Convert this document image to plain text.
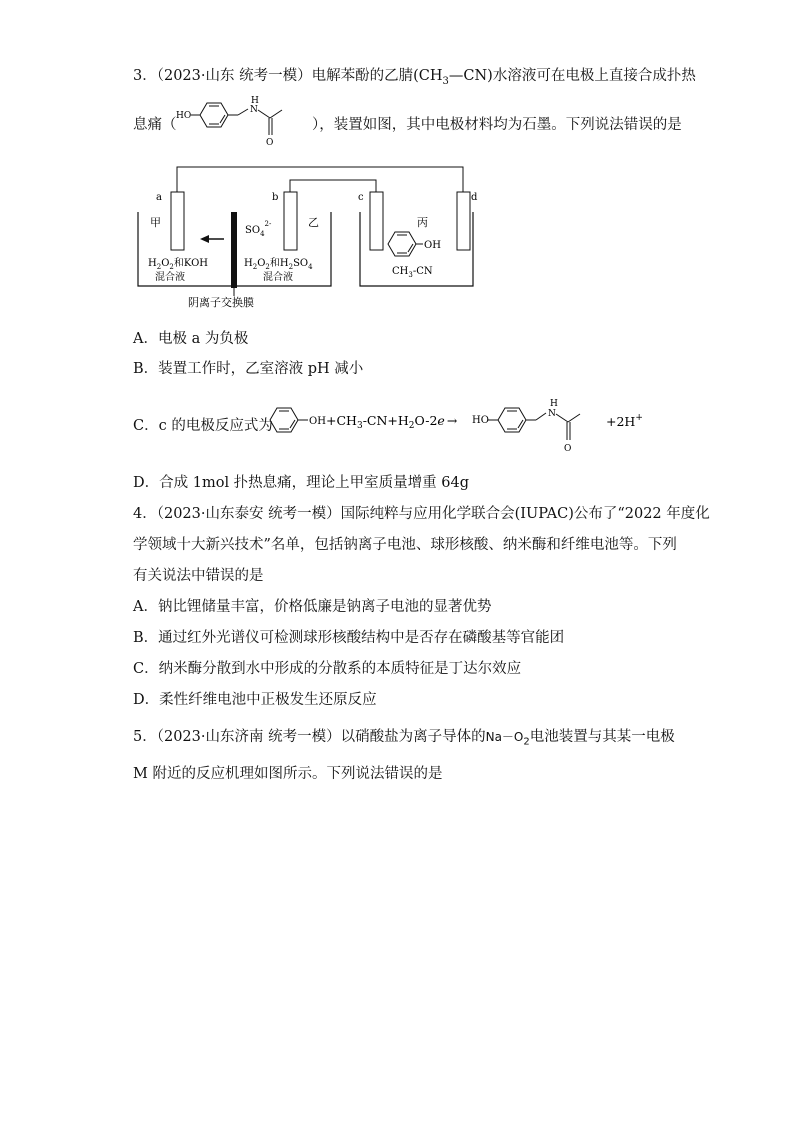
3．（2023·山东 统考一模）电解苯酚的乙腈$(CH_3—CN)$水溶液可在电极上直接合成扑热
息痛（
HO
H
N
O
），装置如图，其中电极材料均为石墨。下列说法错误的是
a	b	c	d
甲	乙	丙
$SO_4^{2-}$
$H_2O_2$和KOH
混合液
$H_2O_2$和$H_2SO_4$
混合液
OH
$CH_3-CN$
阴离子交换膜
A．电极 a 为负极
B．装置工作时，乙室溶液 pH 减小
C．c 的电极反应式为	OH $+CH_3-CN+H_2O-2e$ → HO
H
N
O
+2H+
D．合成 1mol 扑热息痛，理论上甲室质量增重 64g
4．（2023·山东泰安 统考一模）国际纯粹与应用化学联合会(IUPAC)公布了“2022 年度化
学领域十大新兴技术”名单，包括钠离子电池、球形核酸、纳米酶和纤维电池等。下列
有关说法中错误的是
A．钠比锂储量丰富，价格低廉是钠离子电池的显著优势
B．通过红外光谱仪可检测球形核酸结构中是否存在磷酸基等官能团
C．纳米酶分散到水中形成的分散系的本质特征是丁达尔效应
D．柔性纤维电池中正极发生还原反应
5．（2023·山东济南 统考一模）以硝酸盐为离子导体的$Na-O_2$电池装置与其某一电极
M 附近的反应机理如图所示。下列说法错误的是
